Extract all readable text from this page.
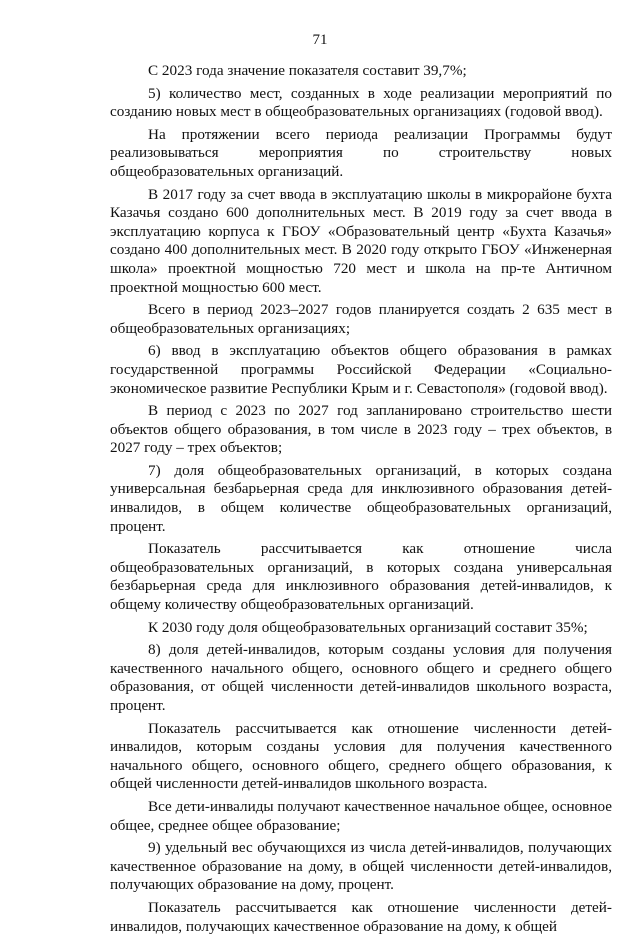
71

С 2023 года значение показателя составит 39,7%;

5) количество мест, созданных в ходе реализации мероприятий по созданию новых мест в общеобразовательных организациях (годовой ввод).

На протяжении всего периода реализации Программы будут реализовываться мероприятия по строительству новых общеобразовательных организаций.

В 2017 году за счет ввода в эксплуатацию школы в микрорайоне бухта Казачья создано 600 дополнительных мест. В 2019 году за счет ввода в эксплуатацию корпуса к ГБОУ «Образовательный центр «Бухта Казачья» создано 400 дополнительных мест. В 2020 году открыто ГБОУ «Инженерная школа» проектной мощностью 720 мест и школа на пр-те Античном проектной мощностью 600 мест.

Всего в период 2023–2027 годов планируется создать 2 635 мест в общеобразовательных организациях;

6) ввод в эксплуатацию объектов общего образования в рамках государственной программы Российской Федерации «Социально-экономическое развитие Республики Крым и г. Севастополя» (годовой ввод).

В период с 2023 по 2027 год запланировано строительство шести объектов общего образования, в том числе в 2023 году – трех объектов, в 2027 году – трех объектов;

7) доля общеобразовательных организаций, в которых создана универсальная безбарьерная среда для инклюзивного образования детей-инвалидов, в общем количестве общеобразовательных организаций, процент.

Показатель рассчитывается как отношение числа общеобразовательных организаций, в которых создана универсальная безбарьерная среда для инклюзивного образования детей-инвалидов, к общему количеству общеобразовательных организаций.

К 2030 году доля общеобразовательных организаций составит 35%;

8) доля детей-инвалидов, которым созданы условия для получения качественного начального общего, основного общего и среднего общего образования, от общей численности детей-инвалидов школьного возраста, процент.

Показатель рассчитывается как отношение численности детей-инвалидов, которым созданы условия для получения качественного начального общего, основного общего, среднего общего образования, к общей численности детей-инвалидов школьного возраста.

Все дети-инвалиды получают качественное начальное общее, основное общее, среднее общее образование;

9) удельный вес обучающихся из числа детей-инвалидов, получающих качественное образование на дому, в общей численности детей-инвалидов, получающих образование на дому, процент.

Показатель рассчитывается как отношение численности детей-инвалидов, получающих качественное образование на дому, к общей
